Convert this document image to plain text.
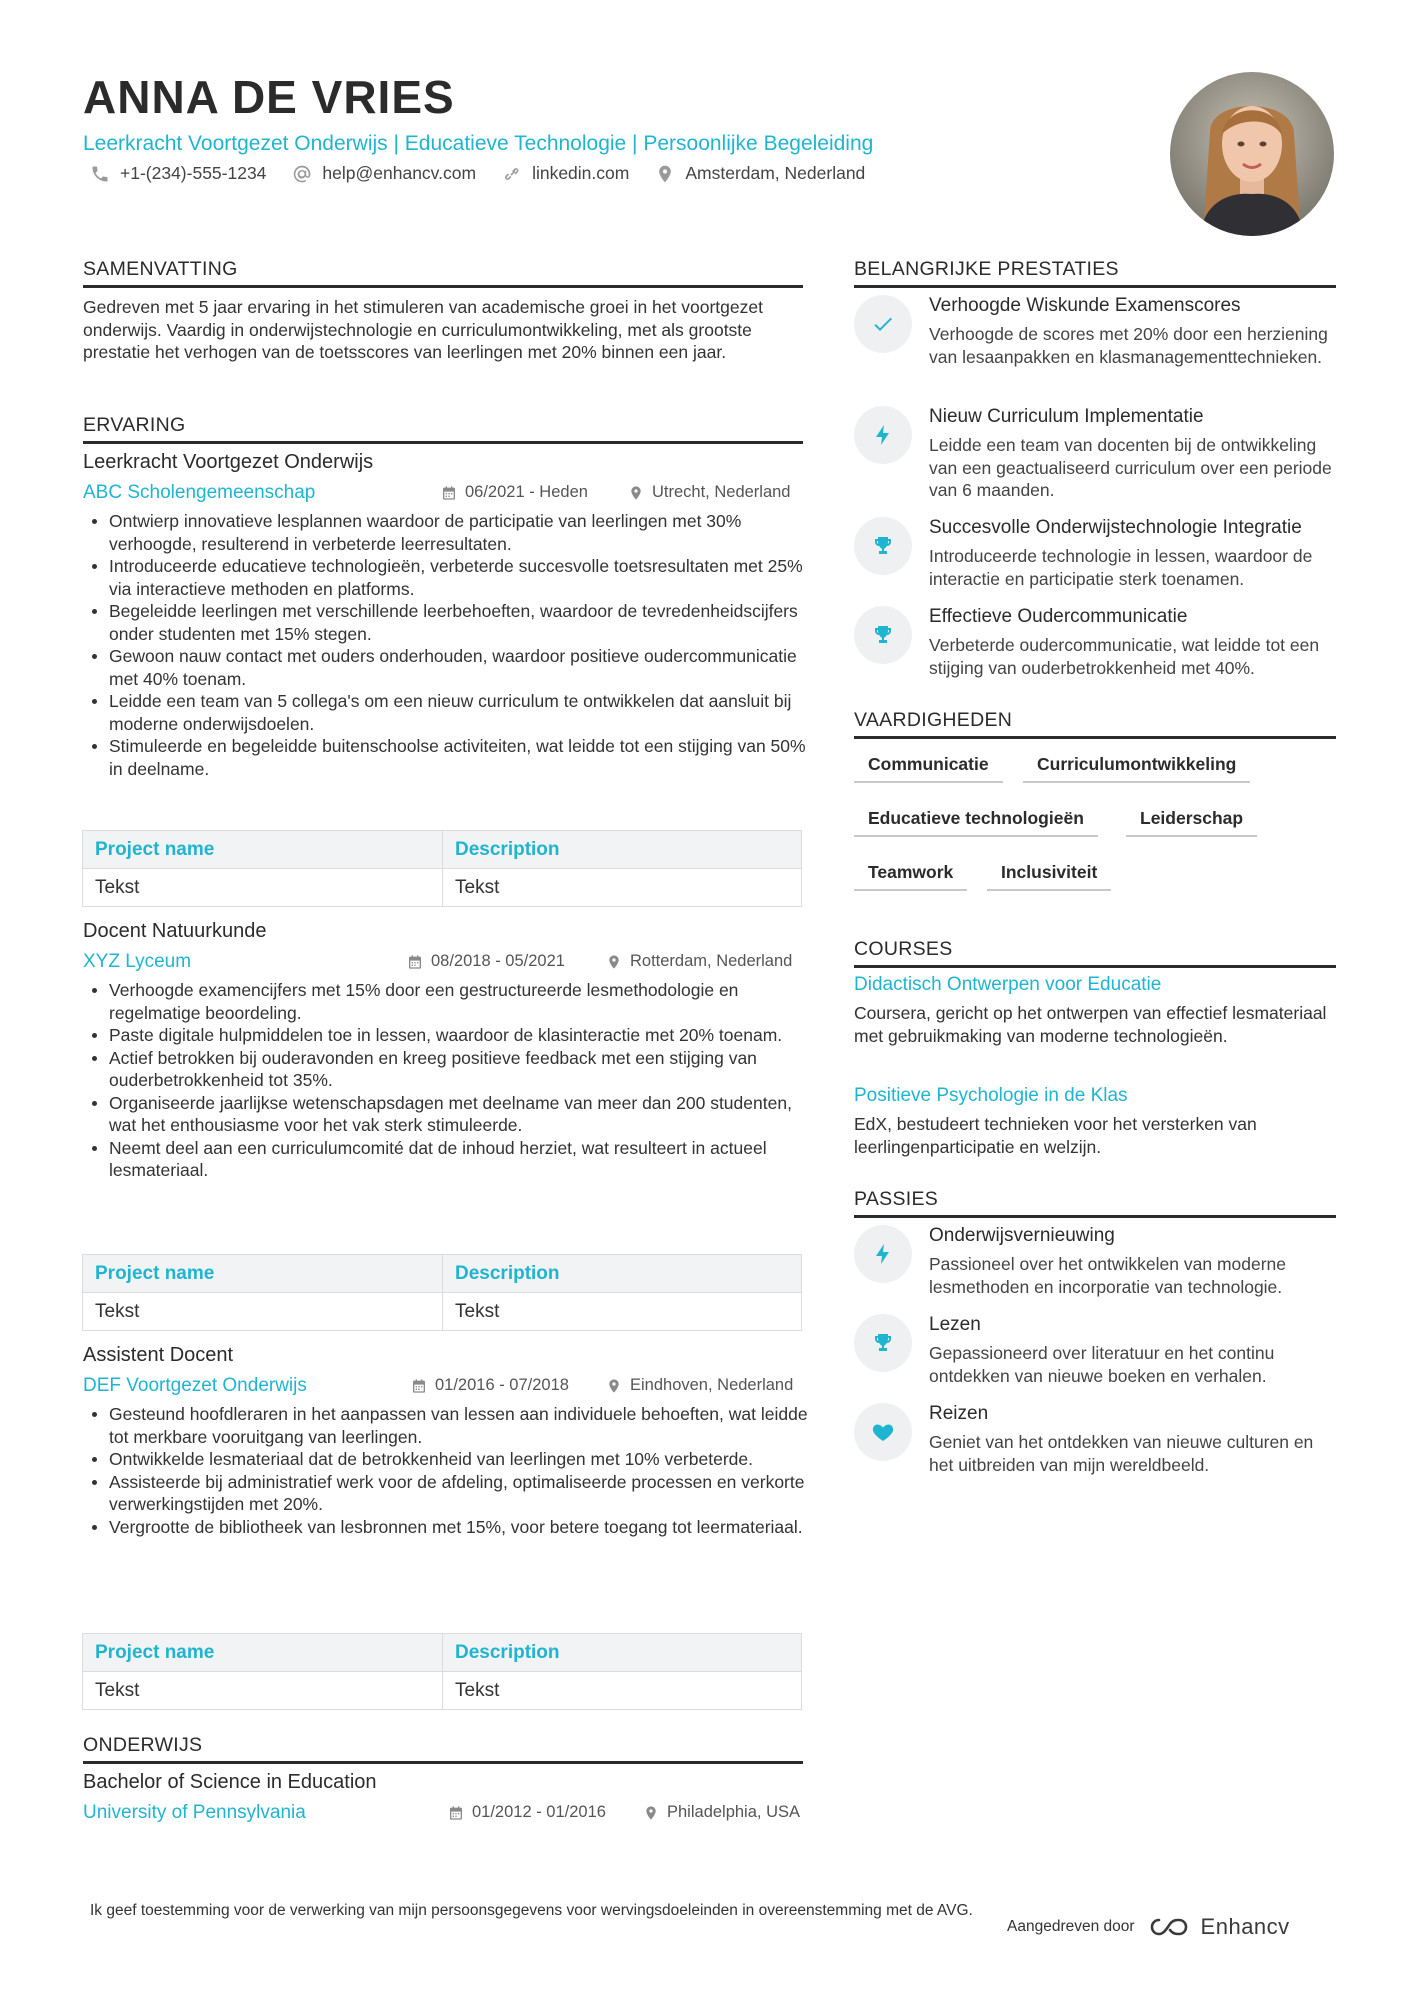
ANNA DE VRIES
Leerkracht Voortgezet Onderwijs | Educatieve Technologie | Persoonlijke Begeleiding
+1-(234)-555-1234	help@enhancv.com	linkedin.com	Amsterdam, Nederland
SAMENVATTING
Gedreven met 5 jaar ervaring in het stimuleren van academische groei in het voortgezet onderwijs. Vaardig in onderwijstechnologie en curriculumontwikkeling, met als grootste prestatie het verhogen van de toetsscores van leerlingen met 20% binnen een jaar.
ERVARING
Leerkracht Voortgezet Onderwijs
ABC Scholengemeenschap	06/2021 - Heden	Utrecht, Nederland
Ontwierp innovatieve lesplannen waardoor de participatie van leerlingen met 30% verhoogde, resulterend in verbeterde leerresultaten.
Introduceerde educatieve technologieën, verbeterde succesvolle toetsresultaten met 25% via interactieve methoden en platforms.
Begeleidde leerlingen met verschillende leerbehoeften, waardoor de tevredenheidscijfers onder studenten met 15% stegen.
Gewoon nauw contact met ouders onderhouden, waardoor positieve oudercommunicatie met 40% toenam.
Leidde een team van 5 collega's om een nieuw curriculum te ontwikkelen dat aansluit bij moderne onderwijsdoelen.
Stimuleerde en begeleidde buitenschoolse activiteiten, wat leidde tot een stijging van 50% in deelname.
Project name	Description
Tekst	Tekst
Docent Natuurkunde
XYZ Lyceum	08/2018 - 05/2021	Rotterdam, Nederland
Verhoogde examencijfers met 15% door een gestructureerde lesmethodologie en regelmatige beoordeling.
Paste digitale hulpmiddelen toe in lessen, waardoor de klasinteractie met 20% toenam.
Actief betrokken bij ouderavonden en kreeg positieve feedback met een stijging van ouderbetrokkenheid tot 35%.
Organiseerde jaarlijkse wetenschapsdagen met deelname van meer dan 200 studenten, wat het enthousiasme voor het vak sterk stimuleerde.
Neemt deel aan een curriculumcomité dat de inhoud herziet, wat resulteert in actueel lesmateriaal.
Project name	Description
Tekst	Tekst
Assistent Docent
DEF Voortgezet Onderwijs	01/2016 - 07/2018	Eindhoven, Nederland
Gesteund hoofdleraren in het aanpassen van lessen aan individuele behoeften, wat leidde tot merkbare vooruitgang van leerlingen.
Ontwikkelde lesmateriaal dat de betrokkenheid van leerlingen met 10% verbeterde.
Assisteerde bij administratief werk voor de afdeling, optimaliseerde processen en verkorte verwerkingstijden met 20%.
Vergrootte de bibliotheek van lesbronnen met 15%, voor betere toegang tot leermateriaal.
Project name	Description
Tekst	Tekst
ONDERWIJS
Bachelor of Science in Education
University of Pennsylvania	01/2012 - 01/2016	Philadelphia, USA
BELANGRIJKE PRESTATIES
Verhoogde Wiskunde Examenscores
Verhoogde de scores met 20% door een herziening van lesaanpakken en klasmanagementtechnieken.
Nieuw Curriculum Implementatie
Leidde een team van docenten bij de ontwikkeling van een geactualiseerd curriculum over een periode van 6 maanden.
Succesvolle Onderwijstechnologie Integratie
Introduceerde technologie in lessen, waardoor de interactie en participatie sterk toenamen.
Effectieve Oudercommunicatie
Verbeterde oudercommunicatie, wat leidde tot een stijging van ouderbetrokkenheid met 40%.
VAARDIGHEDEN
Communicatie	Curriculumontwikkeling
Educatieve technologieën	Leiderschap
Teamwork	Inclusiviteit
COURSES
Didactisch Ontwerpen voor Educatie
Coursera, gericht op het ontwerpen van effectief lesmateriaal met gebruikmaking van moderne technologieën.
Positieve Psychologie in de Klas
EdX, bestudeert technieken voor het versterken van leerlingenparticipatie en welzijn.
PASSIES
Onderwijsvernieuwing
Passioneel over het ontwikkelen van moderne lesmethoden en incorporatie van technologie.
Lezen
Gepassioneerd over literatuur en het continu ontdekken van nieuwe boeken en verhalen.
Reizen
Geniet van het ontdekken van nieuwe culturen en het uitbreiden van mijn wereldbeeld.
Ik geef toestemming voor de verwerking van mijn persoonsgegevens voor wervingsdoeleinden in overeenstemming met de AVG.
Aangedreven door	Enhancv
